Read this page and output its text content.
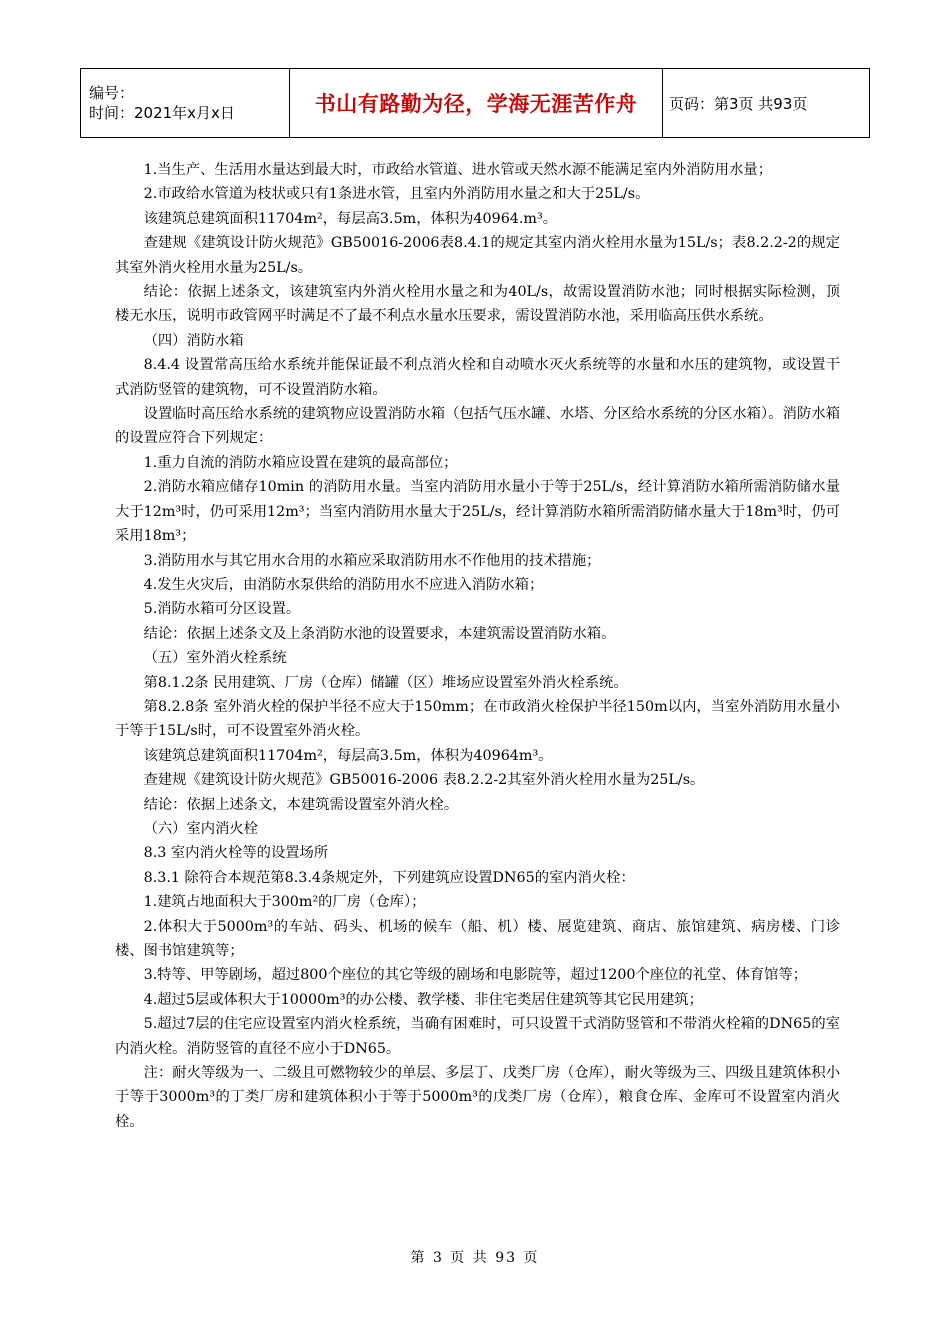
编号：
时间：2021年x月x日	书山有路勤为径，学海无涯苦作舟	页码：第3页 共93页

1.当生产、生活用水量达到最大时，市政给水管道、进水管或天然水源不能满足室内外消防用水量；

2.市政给水管道为枝状或只有1条进水管，且室内外消防用水量之和大于25L/s。

该建筑总建筑面积11704m²，每层高3.5m，体积为40964.m³。

查建规《建筑设计防火规范》GB50016-2006表8.4.1的规定其室内消火栓用水量为15L/s；表8.2.2-2的规定其室外消火栓用水量为25L/s。

结论：依据上述条文，该建筑室内外消火栓用水量之和为40L/s，故需设置消防水池；同时根据实际检测，顶楼无水压，说明市政管网平时满足不了最不利点水量水压要求，需设置消防水池，采用临高压供水系统。

（四）消防水箱

8.4.4 设置常高压给水系统并能保证最不利点消火栓和自动喷水灭火系统等的水量和水压的建筑物，或设置干式消防竖管的建筑物，可不设置消防水箱。

设置临时高压给水系统的建筑物应设置消防水箱（包括气压水罐、水塔、分区给水系统的分区水箱）。消防水箱的设置应符合下列规定：

1.重力自流的消防水箱应设置在建筑的最高部位；

2.消防水箱应储存10min 的消防用水量。当室内消防用水量小于等于25L/s，经计算消防水箱所需消防储水量大于12m³时，仍可采用12m³；当室内消防用水量大于25L/s，经计算消防水箱所需消防储水量大于18m³时，仍可采用18m³；

3.消防用水与其它用水合用的水箱应采取消防用水不作他用的技术措施；

4.发生火灾后，由消防水泵供给的消防用水不应进入消防水箱；

5.消防水箱可分区设置。

结论：依据上述条文及上条消防水池的设置要求，本建筑需设置消防水箱。

（五）室外消火栓系统

第8.1.2条 民用建筑、厂房（仓库）储罐（区）堆场应设置室外消火栓系统。

第8.2.8条 室外消火栓的保护半径不应大于150mm；在市政消火栓保护半径150m以内，当室外消防用水量小于等于15L/s时，可不设置室外消火栓。

该建筑总建筑面积11704m²，每层高3.5m，体积为40964m³。

查建规《建筑设计防火规范》GB50016-2006 表8.2.2-2其室外消火栓用水量为25L/s。

结论：依据上述条文，本建筑需设置室外消火栓。

（六）室内消火栓

8.3 室内消火栓等的设置场所

8.3.1 除符合本规范第8.3.4条规定外，下列建筑应设置DN65的室内消火栓：

1.建筑占地面积大于300m²的厂房（仓库）；

2.体积大于5000m³的车站、码头、机场的候车（船、机）楼、展览建筑、商店、旅馆建筑、病房楼、门诊楼、图书馆建筑等；

3.特等、甲等剧场，超过800个座位的其它等级的剧场和电影院等，超过1200个座位的礼堂、体育馆等；

4.超过5层或体积大于10000m³的办公楼、教学楼、非住宅类居住建筑等其它民用建筑；

5.超过7层的住宅应设置室内消火栓系统，当确有困难时，可只设置干式消防竖管和不带消火栓箱的DN65的室内消火栓。消防竖管的直径不应小于DN65。

注：耐火等级为一、二级且可燃物较少的单层、多层丁、戊类厂房（仓库），耐火等级为三、四级且建筑体积小于等于3000m³的丁类厂房和建筑体积小于等于5000m³的戊类厂房（仓库），粮食仓库、金库可不设置室内消火栓。

第 3 页 共 93 页
